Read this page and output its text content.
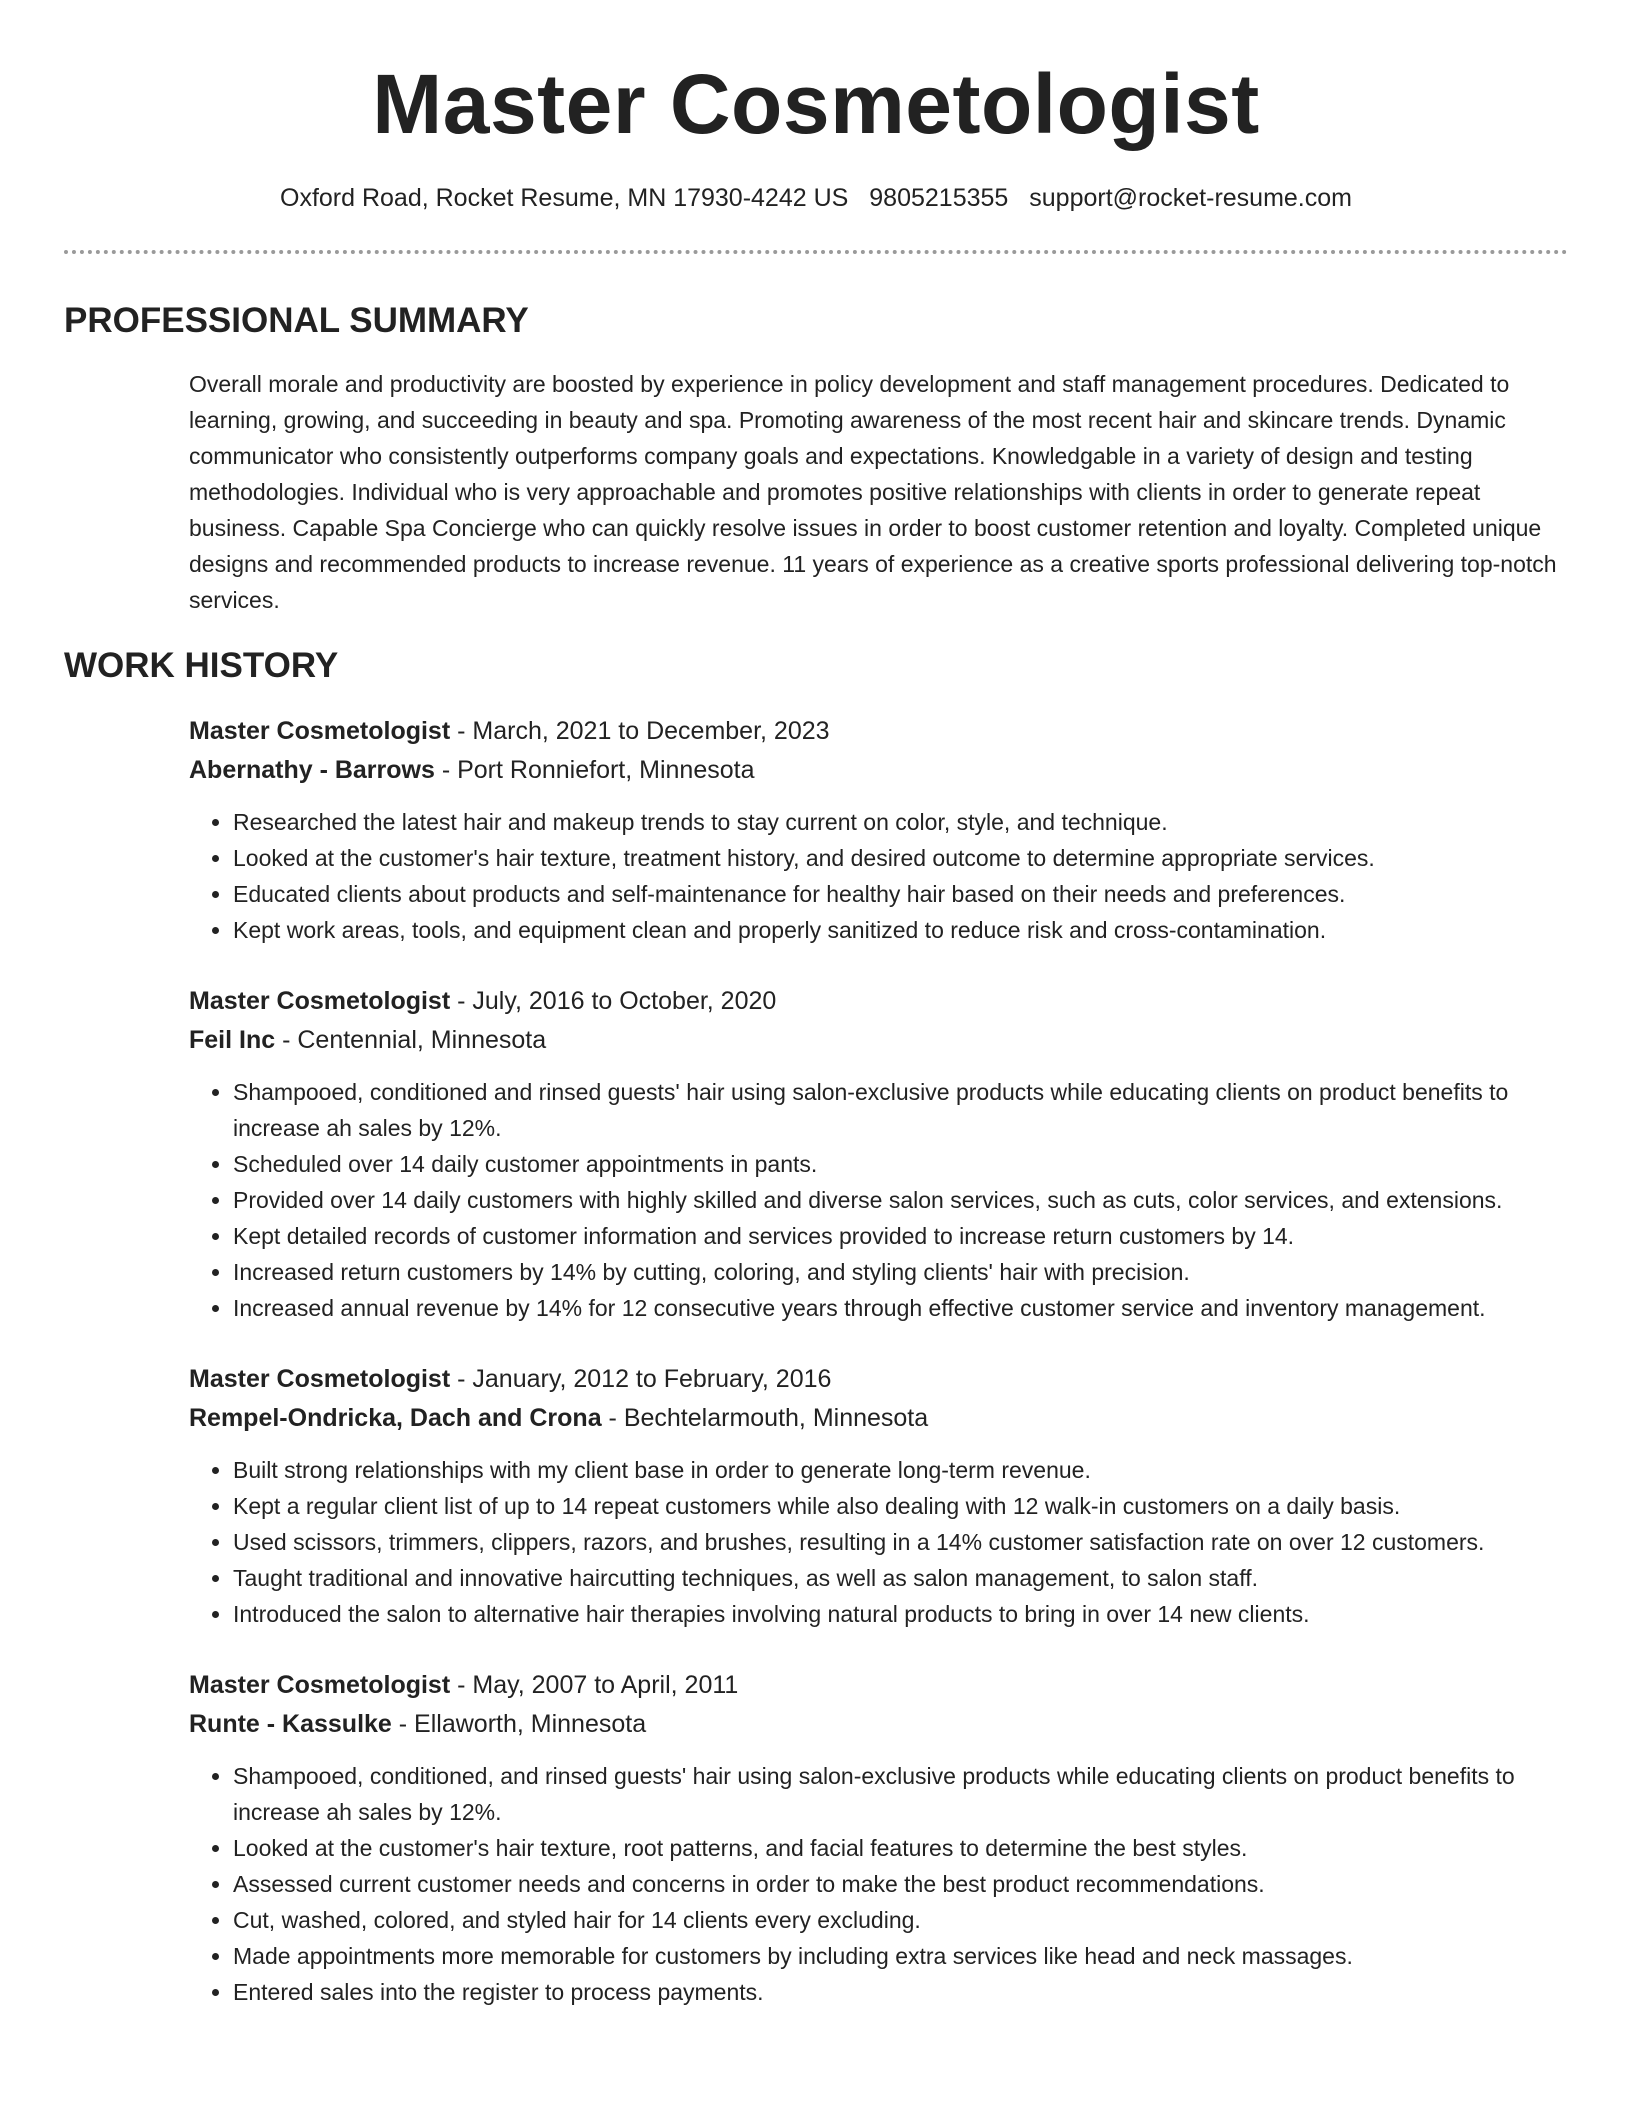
Master Cosmetologist
Oxford Road, Rocket Resume, MN 17930-4242 US 9805215355 support@rocket-resume.com
PROFESSIONAL SUMMARY
Overall morale and productivity are boosted by experience in policy development and staff management procedures. Dedicated to learning, growing, and succeeding in beauty and spa. Promoting awareness of the most recent hair and skincare trends. Dynamic communicator who consistently outperforms company goals and expectations. Knowledgable in a variety of design and testing methodologies. Individual who is very approachable and promotes positive relationships with clients in order to generate repeat business. Capable Spa Concierge who can quickly resolve issues in order to boost customer retention and loyalty. Completed unique designs and recommended products to increase revenue. 11 years of experience as a creative sports professional delivering top-notch services.
WORK HISTORY
Master Cosmetologist - March, 2021 to December, 2023
Abernathy - Barrows - Port Ronniefort, Minnesota
• Researched the latest hair and makeup trends to stay current on color, style, and technique.
• Looked at the customer's hair texture, treatment history, and desired outcome to determine appropriate services.
• Educated clients about products and self-maintenance for healthy hair based on their needs and preferences.
• Kept work areas, tools, and equipment clean and properly sanitized to reduce risk and cross-contamination.
Master Cosmetologist - July, 2016 to October, 2020
Feil Inc - Centennial, Minnesota
• Shampooed, conditioned and rinsed guests' hair using salon-exclusive products while educating clients on product benefits to increase ah sales by 12%.
• Scheduled over 14 daily customer appointments in pants.
• Provided over 14 daily customers with highly skilled and diverse salon services, such as cuts, color services, and extensions.
• Kept detailed records of customer information and services provided to increase return customers by 14.
• Increased return customers by 14% by cutting, coloring, and styling clients' hair with precision.
• Increased annual revenue by 14% for 12 consecutive years through effective customer service and inventory management.
Master Cosmetologist - January, 2012 to February, 2016
Rempel-Ondricka, Dach and Crona - Bechtelarmouth, Minnesota
• Built strong relationships with my client base in order to generate long-term revenue.
• Kept a regular client list of up to 14 repeat customers while also dealing with 12 walk-in customers on a daily basis.
• Used scissors, trimmers, clippers, razors, and brushes, resulting in a 14% customer satisfaction rate on over 12 customers.
• Taught traditional and innovative haircutting techniques, as well as salon management, to salon staff.
• Introduced the salon to alternative hair therapies involving natural products to bring in over 14 new clients.
Master Cosmetologist - May, 2007 to April, 2011
Runte - Kassulke - Ellaworth, Minnesota
• Shampooed, conditioned, and rinsed guests' hair using salon-exclusive products while educating clients on product benefits to increase ah sales by 12%.
• Looked at the customer's hair texture, root patterns, and facial features to determine the best styles.
• Assessed current customer needs and concerns in order to make the best product recommendations.
• Cut, washed, colored, and styled hair for 14 clients every excluding.
• Made appointments more memorable for customers by including extra services like head and neck massages.
• Entered sales into the register to process payments.
